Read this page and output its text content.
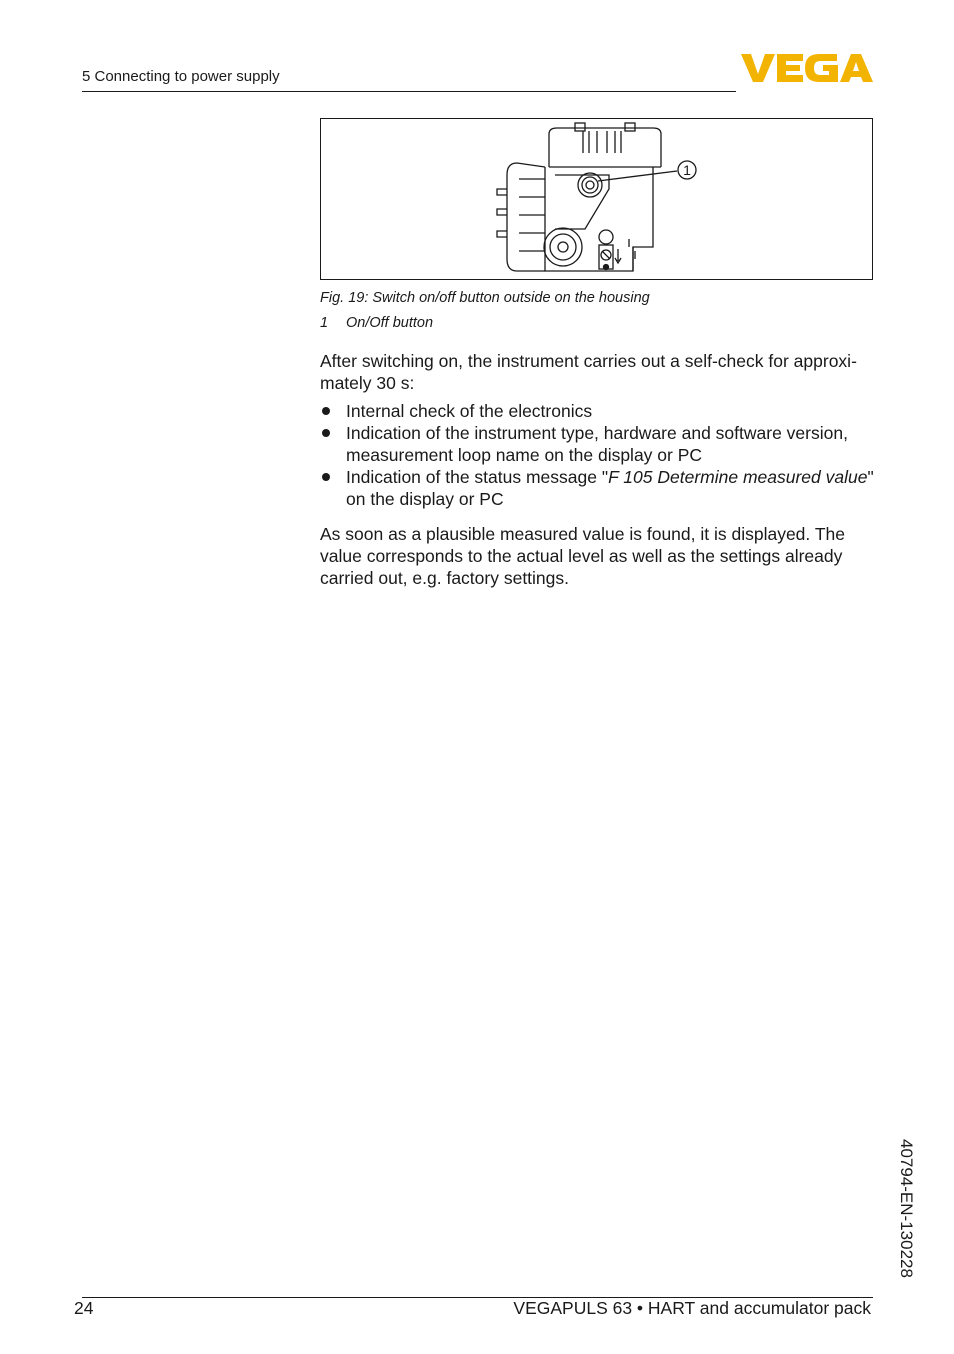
5 Connecting to power supply
1
Fig. 19: Switch on/off button outside on the housing
1 On/Off button
After switching on, the instrument carries out a self-check for approxi-mately 30 s:
Internal check of the electronics
Indication of the instrument type, hardware and software version, measurement loop name on the display or PC
Indication of the status message "F 105 Determine measured value" on the display or PC
As soon as a plausible measured value is found, it is displayed. The value corresponds to the actual level as well as the settings already carried out, e.g. factory settings.
40794-EN-130228
24	VEGAPULS 63 • HART and accumulator pack
